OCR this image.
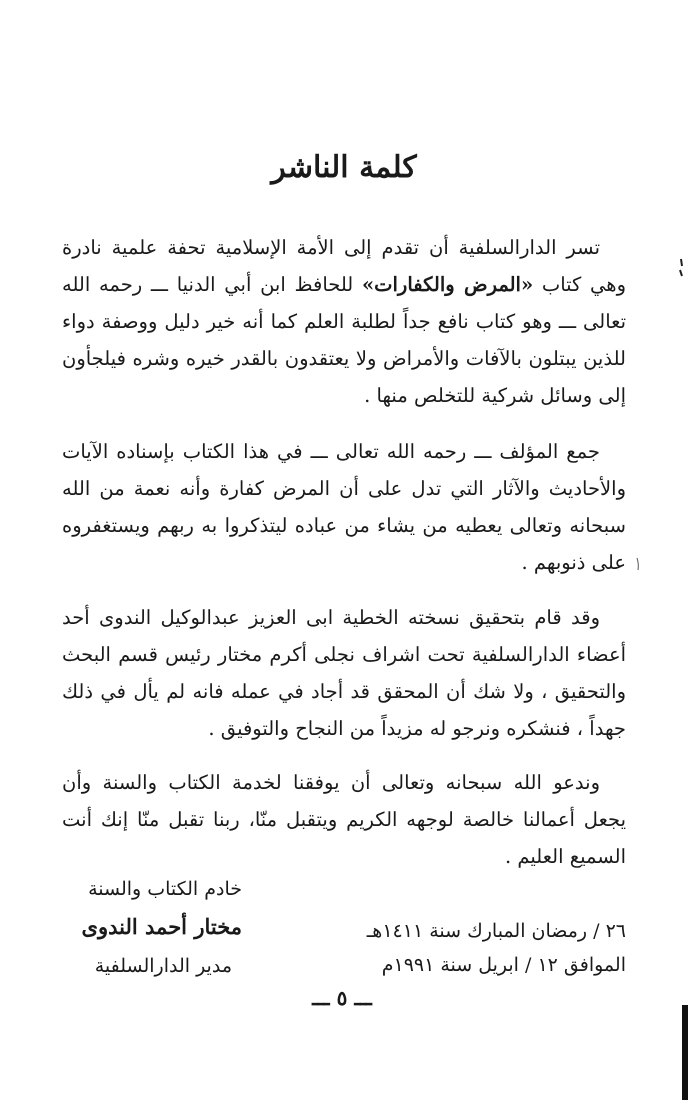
كلمة الناشر
تسر الدارالسلفية أن تقدم إلى الأمة الإسلامية تحفة علمية نادرة وهي كتاب «المرض والكفارات» للحافظ ابن أبي الدنيا ـــ رحمه الله تعالى ـــ وهو كتاب نافع جداً لطلبة العلم كما أنه خير دليل ووصفة دواء للذين يبتلون بالآفات والأمراض ولا يعتقدون بالقدر خيره وشره فيلجأون إلى وسائل شركية للتخلص منها .
جمع المؤلف ـــ رحمه الله تعالى ـــ في هذا الكتاب بإسناده الآيات والأحاديث والآثار التي تدل على أن المرض كفارة وأنه نعمة من الله سبحانه وتعالى يعطيه من يشاء من عباده ليتذكروا به ربهم ويستغفروه على ذنوبهم .
وقد قام بتحقيق نسخته الخطية ابى العزيز عبدالوكيل الندوى أحد أعضاء الدارالسلفية تحت اشراف نجلى أكرم مختار رئيس قسم البحث والتحقيق ، ولا شك أن المحقق قد أجاد في عمله فانه لم يأل في ذلك جهداً ، فنشكره ونرجو له مزيداً من النجاح والتوفيق .
وندعو الله سبحانه وتعالى أن يوفقنا لخدمة الكتاب والسنة وأن يجعل أعمالنا خالصة لوجهه الكريم ويتقبل منّا، ربنا تقبل منّا إنك أنت السميع العليم .
خادم الكتاب والسنة
مختار أحمد الندوى
مدير الدارالسلفية
٢٦ / رمضان المبارك سنة ١٤١١هـ
الموافق ١٢ / ابريل سنة ١٩٩١م
ـــ ٥ ـــ
